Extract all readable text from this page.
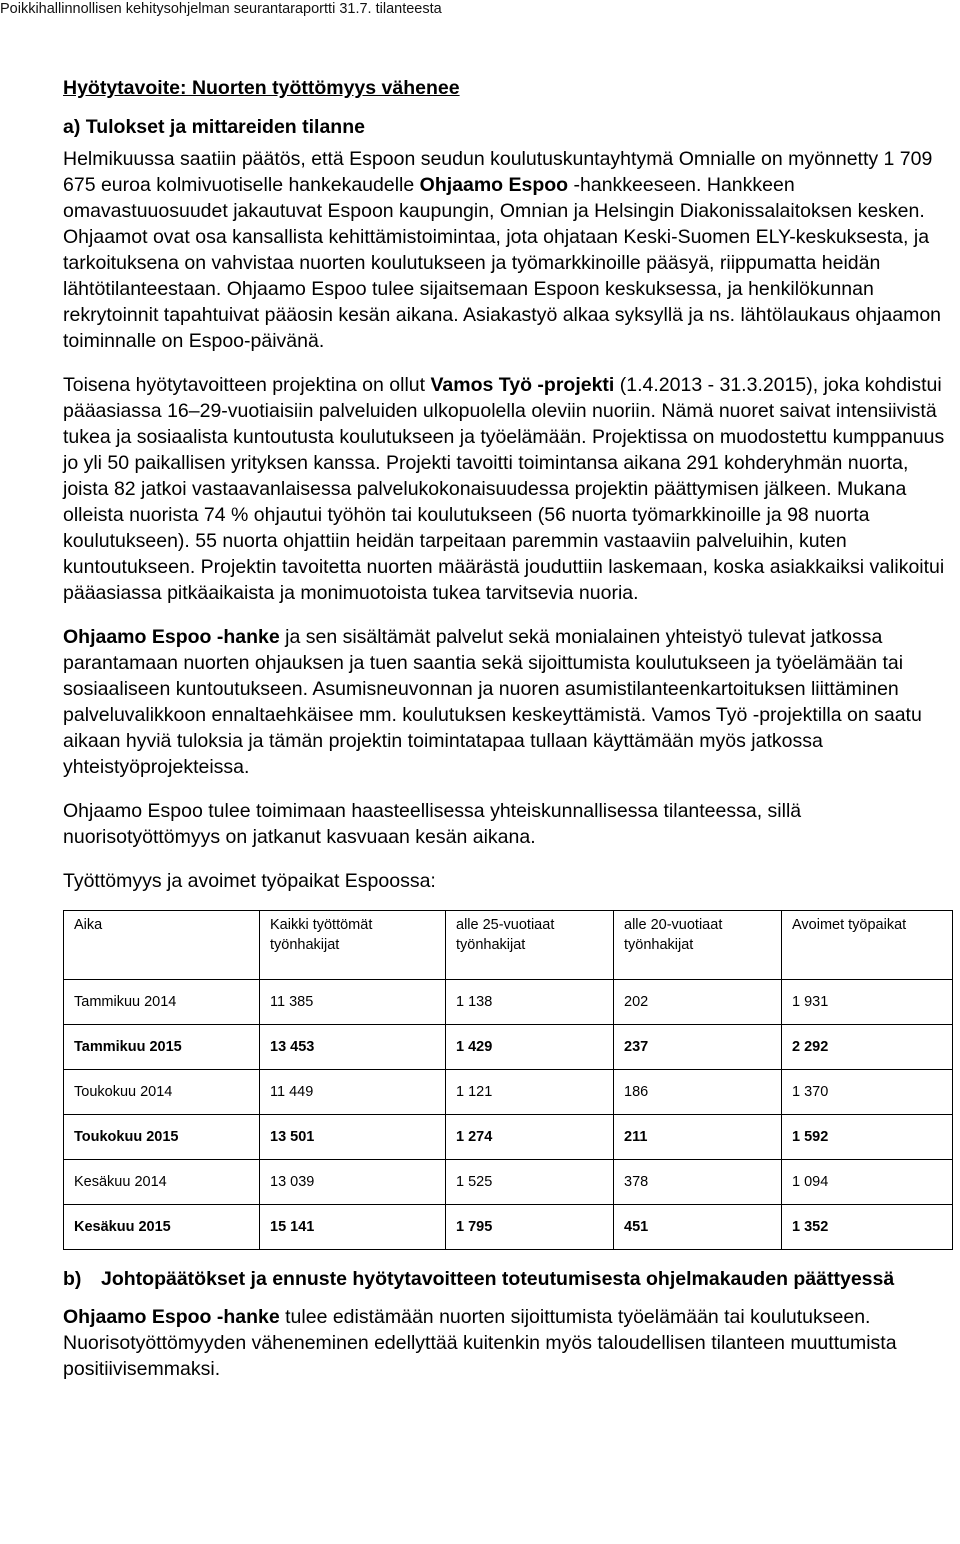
Poikkihallinnollisen kehitysohjelman seurantaraportti 31.7. tilanteesta
Hyötytavoite: Nuorten työttömyys vähenee
a) Tulokset ja mittareiden tilanne

Helmikuussa saatiin päätös, että Espoon seudun koulutuskuntayhtymä Omnialle on myönnetty 1 709 675 euroa kolmivuotiselle hankekaudelle Ohjaamo Espoo -hankkeeseen. Hankkeen omavastuuosuudet jakautuvat Espoon kaupungin, Omnian ja Helsingin Diakonissalaitoksen kesken. Ohjaamot ovat osa kansallista kehittämistoimintaa, jota ohjataan Keski-Suomen ELY-keskuksesta, ja tarkoituksena on vahvistaa nuorten koulutukseen ja työmarkkinoille pääsyä, riippumatta heidän lähtötilanteestaan. Ohjaamo Espoo tulee sijaitsemaan Espoon keskuksessa, ja henkilökunnan rekrytoinnit tapahtuivat pääosin kesän aikana. Asiakastyö alkaa syksyllä ja ns. lähtölaukaus ohjaamon toiminnalle on Espoo-päivänä.

Toisena hyötytavoitteen projektina on ollut Vamos Työ -projekti (1.4.2013 - 31.3.2015), joka kohdistui pääasiassa 16–29-vuotiaisiin palveluiden ulkopuolella oleviin nuoriin. Nämä nuoret saivat intensiivistä tukea ja sosiaalista kuntoutusta koulutukseen ja työelämään. Projektissa on muodostettu kumppanuus jo yli 50 paikallisen yrityksen kanssa. Projekti tavoitti toimintansa aikana 291 kohderyhmän nuorta, joista 82 jatkoi vastaavanlaisessa palvelukokonaisuudessa projektin päättymisen jälkeen. Mukana olleista nuorista 74 % ohjautui työhön tai koulutukseen (56 nuorta työmarkkinoille ja 98 nuorta koulutukseen). 55 nuorta ohjattiin heidän tarpeitaan paremmin vastaaviin palveluihin, kuten kuntoutukseen. Projektin tavoitetta nuorten määrästä jouduttiin laskemaan, koska asiakkaiksi valikoitui pääasiassa pitkäaikaista ja monimuotoista tukea tarvitsevia nuoria.

Ohjaamo Espoo -hanke ja sen sisältämät palvelut sekä monialainen yhteistyö tulevat jatkossa parantamaan nuorten ohjauksen ja tuen saantia sekä sijoittumista koulutukseen ja työelämään tai sosiaaliseen kuntoutukseen. Asumisneuvonnan ja nuoren asumistilanteenkartoituksen liittäminen palveluvalikkoon ennaltaehkäisee mm. koulutuksen keskeyttämistä. Vamos Työ -projektilla on saatu aikaan hyviä tuloksia ja tämän projektin toimintatapaa tullaan käyttämään myös jatkossa yhteistyöprojekteissa.

Ohjaamo Espoo tulee toimimaan haasteellisessa yhteiskunnallisessa tilanteessa, sillä nuorisotyöttömyys on jatkanut kasvuaan kesän aikana.

Työttömyys ja avoimet työpaikat Espoossa:

Aika	Kaikki työttömät työnhakijat	alle 25-vuotiaat työnhakijat	alle 20-vuotiaat työnhakijat	Avoimet työpaikat
Tammikuu 2014	11 385	1 138	202	1 931
Tammikuu 2015	13 453	1 429	237	2 292
Toukokuu 2014	11 449	1 121	186	1 370
Toukokuu 2015	13 501	1 274	211	1 592
Kesäkuu 2014	13 039	1 525	378	1 094
Kesäkuu 2015	15 141	1 795	451	1 352
b)	Johtopäätökset ja ennuste hyötytavoitteen toteutumisesta ohjelmakauden päättyessä

Ohjaamo Espoo -hanke tulee edistämään nuorten sijoittumista työelämään tai koulutukseen. Nuorisotyöttömyyden väheneminen edellyttää kuitenkin myös taloudellisen tilanteen muuttumista positiivisemmaksi.
